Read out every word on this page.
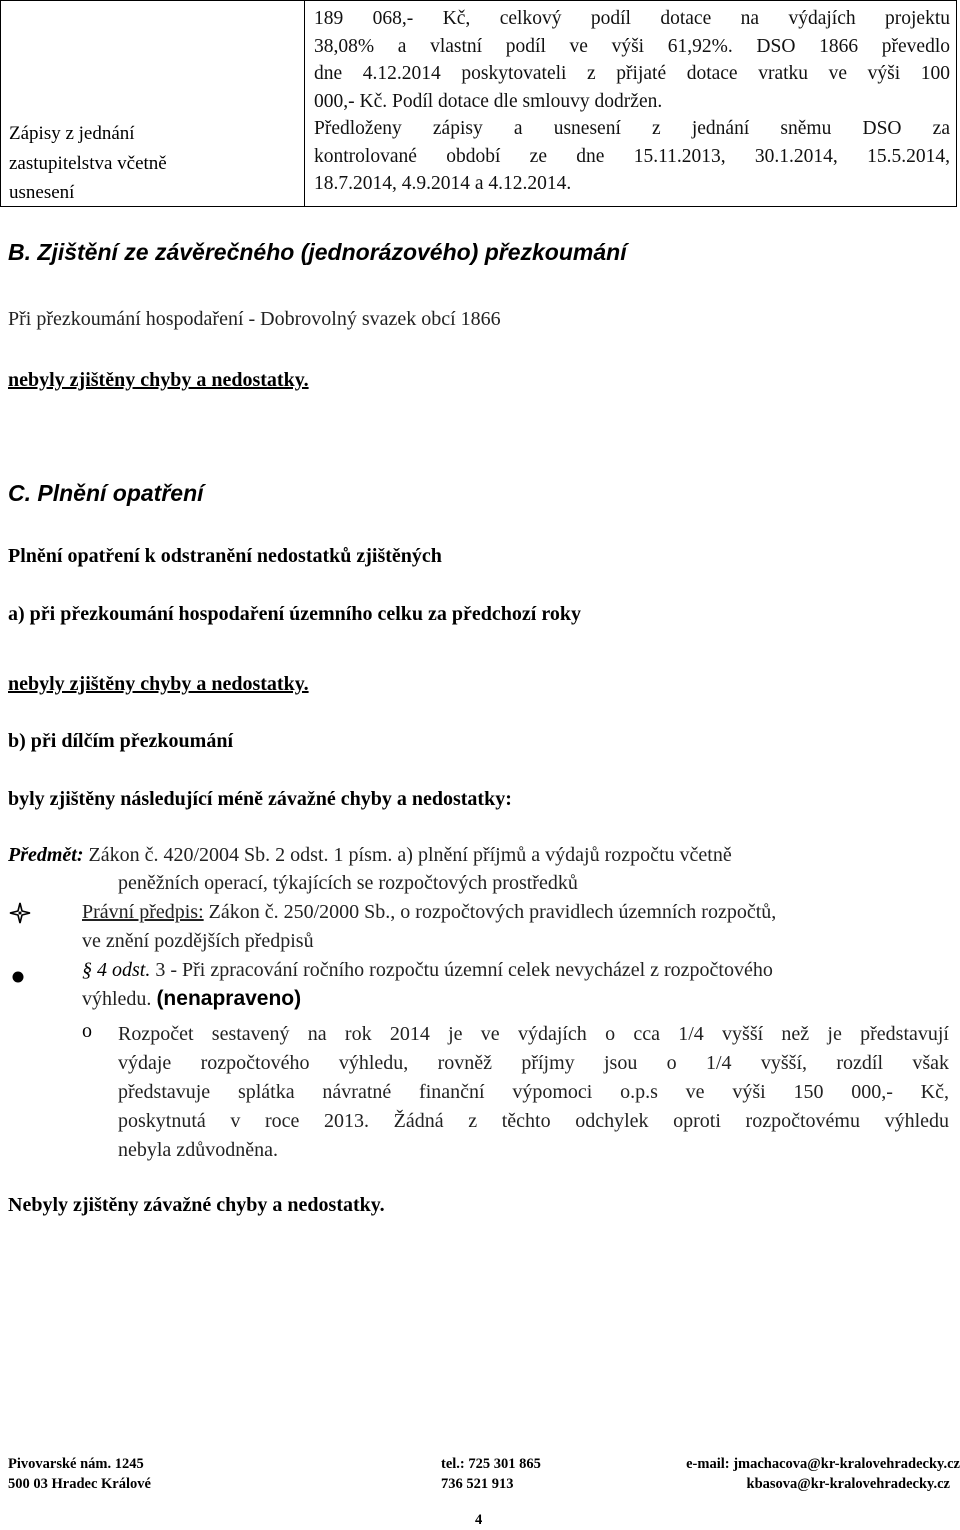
Zápisy z jednání
zastupitelstva včetně
usnesení
189 068,- Kč, celkový podíl dotace na výdajích projektu
38,08% a vlastní podíl ve výši 61,92%. DSO 1866 převedlo
dne 4.12.2014 poskytovateli z přijaté dotace vratku ve výši 100
000,- Kč. Podíl dotace dle smlouvy dodržen.
Předloženy zápisy a usnesení z jednání sněmu DSO za
kontrolované období ze dne 15.11.2013, 30.1.2014, 15.5.2014,
18.7.2014, 4.9.2014 a 4.12.2014.
B. Zjištění ze závěrečného (jednorázového) přezkoumání
Při přezkoumání hospodaření - Dobrovolný svazek obcí 1866
nebyly zjištěny chyby a nedostatky.
C. Plnění opatření
Plnění opatření k odstranění nedostatků zjištěných
a) při přezkoumání hospodaření územního celku za předchozí roky
nebyly zjištěny chyby a nedostatky.
b) při dílčím přezkoumání
byly zjištěny následující méně závažné chyby a nedostatky:
Předmět: Zákon č. 420/2004 Sb. 2 odst. 1 písm. a) plnění příjmů a výdajů rozpočtu včetně
peněžních operací, týkajících se rozpočtových prostředků
Právní předpis: Zákon č. 250/2000 Sb., o rozpočtových pravidlech územních rozpočtů,
ve znění pozdějších předpisů
§ 4 odst. 3 - Při zpracování ročního rozpočtu územní celek nevycházel z rozpočtového
výhledu. (nenapraveno)
o Rozpočet sestavený na rok 2014 je ve výdajích o cca 1/4 vyšší než je představují
výdaje rozpočtového výhledu, rovněž příjmy jsou o 1/4 vyšší, rozdíl však
představuje splátka návratné finanční výpomoci o.p.s ve výši 150 000,- Kč,
poskytnutá v roce 2013. Žádná z těchto odchylek oproti rozpočtovému výhledu
nebyla zdůvodněna.
Nebyly zjištěny závažné chyby a nedostatky.
Pivovarské nám. 1245
500 03 Hradec Králové
tel.: 725 301 865
736 521 913
e-mail: jmachacova@kr-kralovehradecky.cz
kbasova@kr-kralovehradecky.cz
4
